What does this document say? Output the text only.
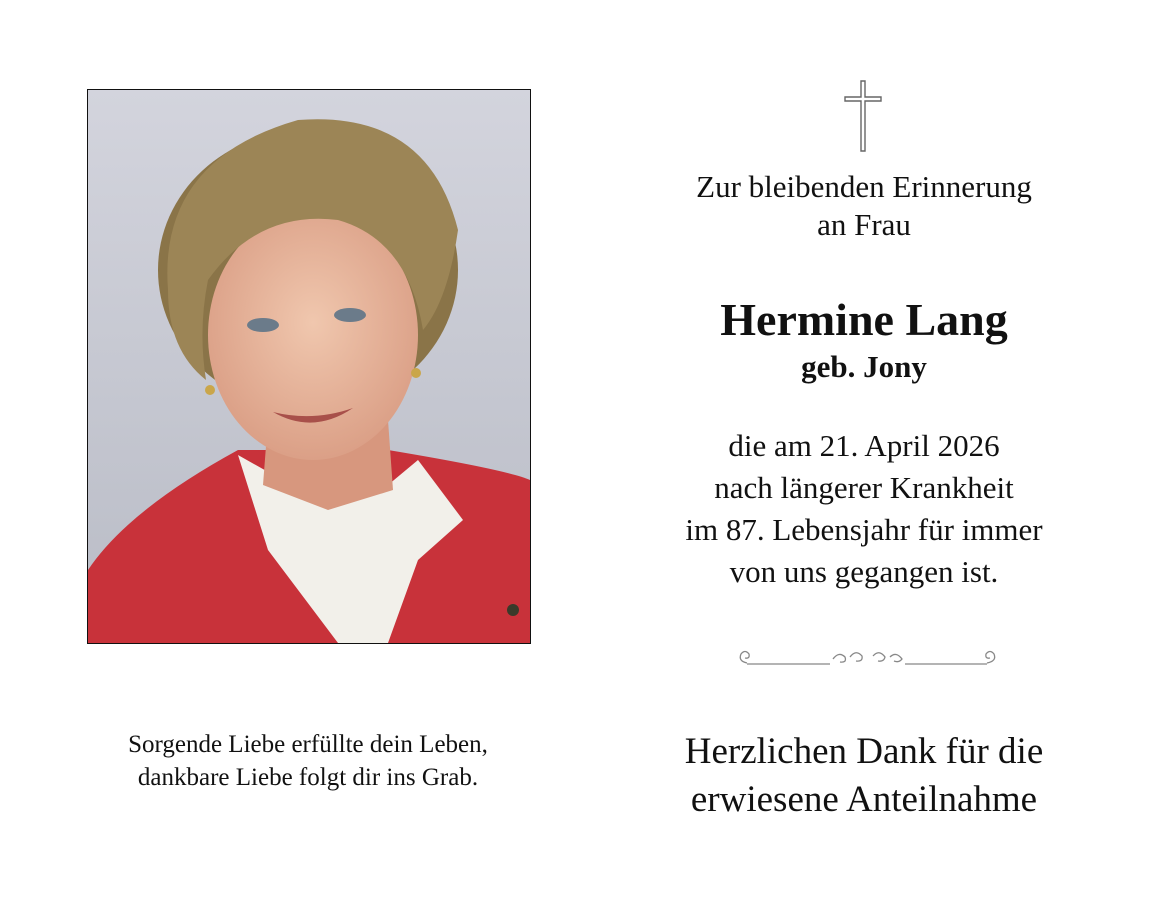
Sorgende Liebe erfüllte dein Leben,
dankbare Liebe folgt dir ins Grab.
Zur bleibenden Erinnerung
an Frau
Hermine Lang
geb. Jony
die am 21. April 2026
nach längerer Krankheit
im 87. Lebensjahr für immer
von uns gegangen ist.
Herzlichen Dank für die
erwiesene Anteilnahme
